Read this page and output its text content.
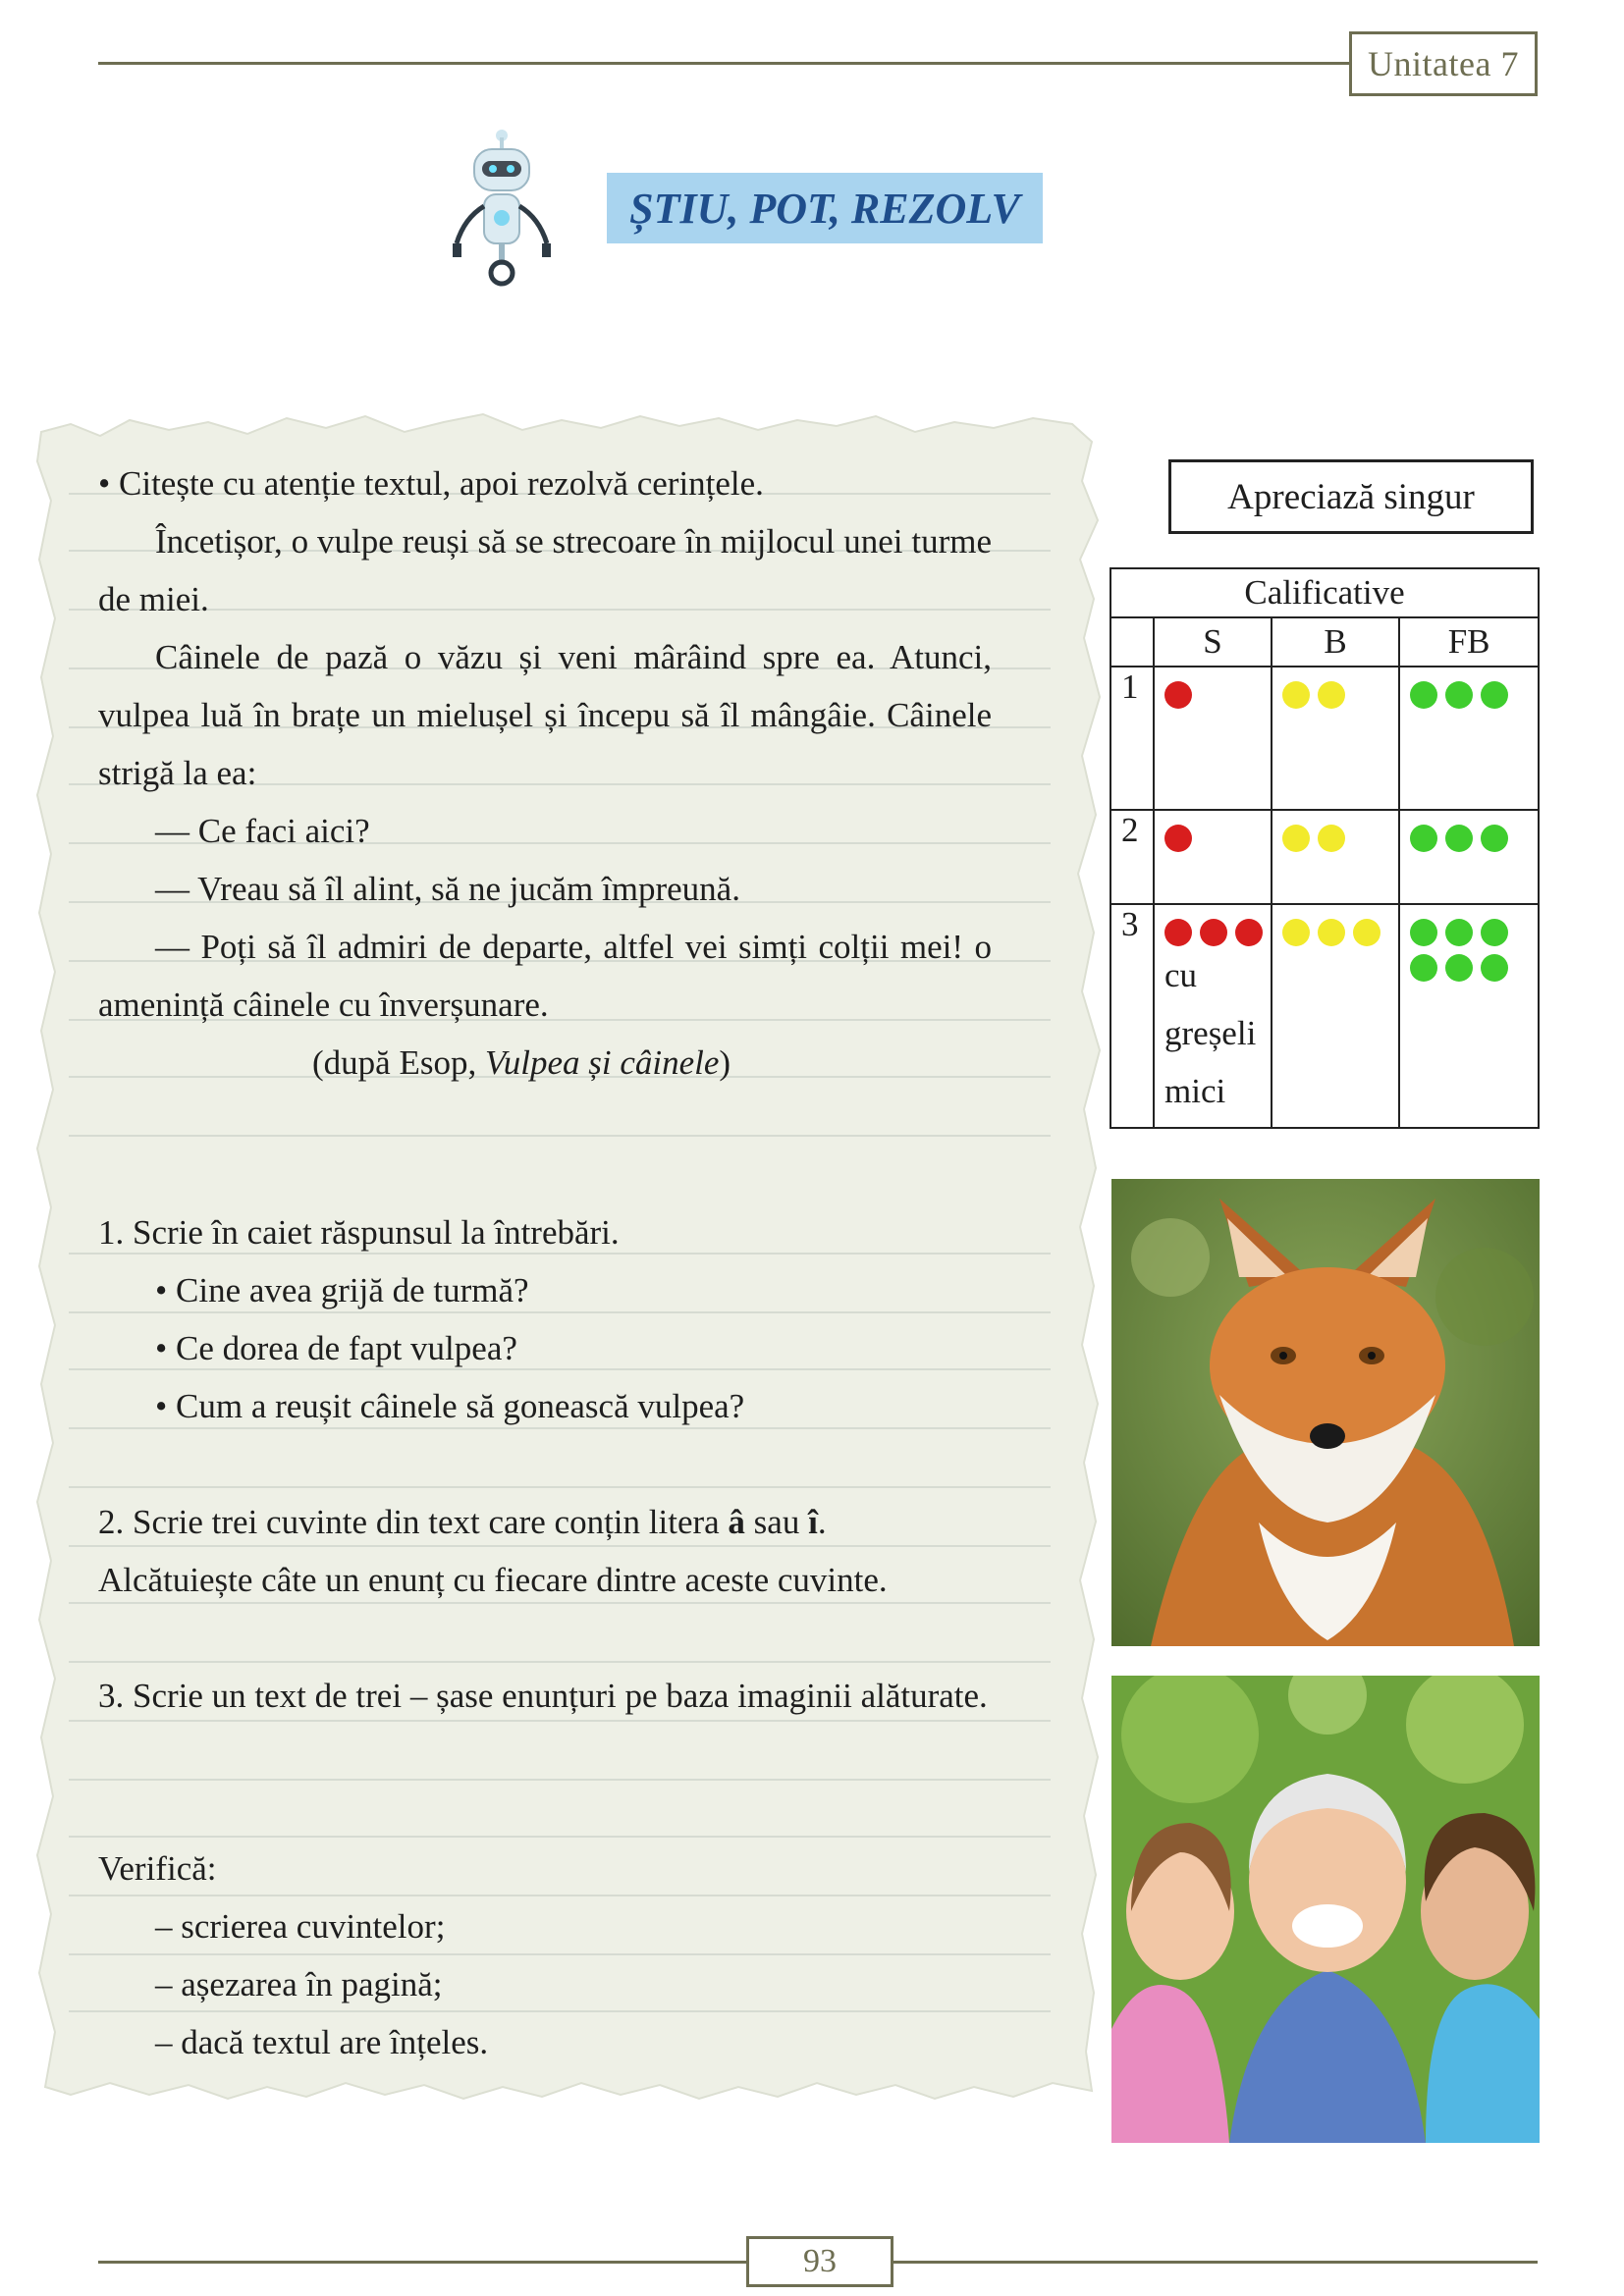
Unitatea 7
ȘTIU, POT, REZOLV

• Citește cu atenție textul, apoi rezolvă cerințele.

Încetișor, o vulpe reuși să se strecoare în mijlocul unei turme de miei.

Câinele de pază o văzu și veni mârâind spre ea. Atunci, vulpea luă în brațe un mielușel și începu să îl mângâie. Câinele strigă la ea:

— Ce faci aici?

— Vreau să îl alint, să ne jucăm împreună.

— Poți să îl admiri de departe, altfel vei simți colții mei! o amenință câinele cu înverșunare.

(după Esop, Vulpea și câinele)

1. Scrie în caiet răspunsul la întrebări.

• Cine avea grijă de turmă?

• Ce dorea de fapt vulpea?

• Cum a reușit câinele să gonească vulpea?

2. Scrie trei cuvinte din text care conțin litera â sau î.

Alcătuiește câte un enunț cu fiecare dintre aceste cuvinte.

3. Scrie un text de trei – șase enunțuri pe baza imaginii alăturate.

Verifică:

– scrierea cuvintelor;

– așezarea în pagină;

– dacă textul are înțeles.

Apreciază singur
Calificative			
	S	B	FB
1	

2	

3	cu greșeli mici		

93
